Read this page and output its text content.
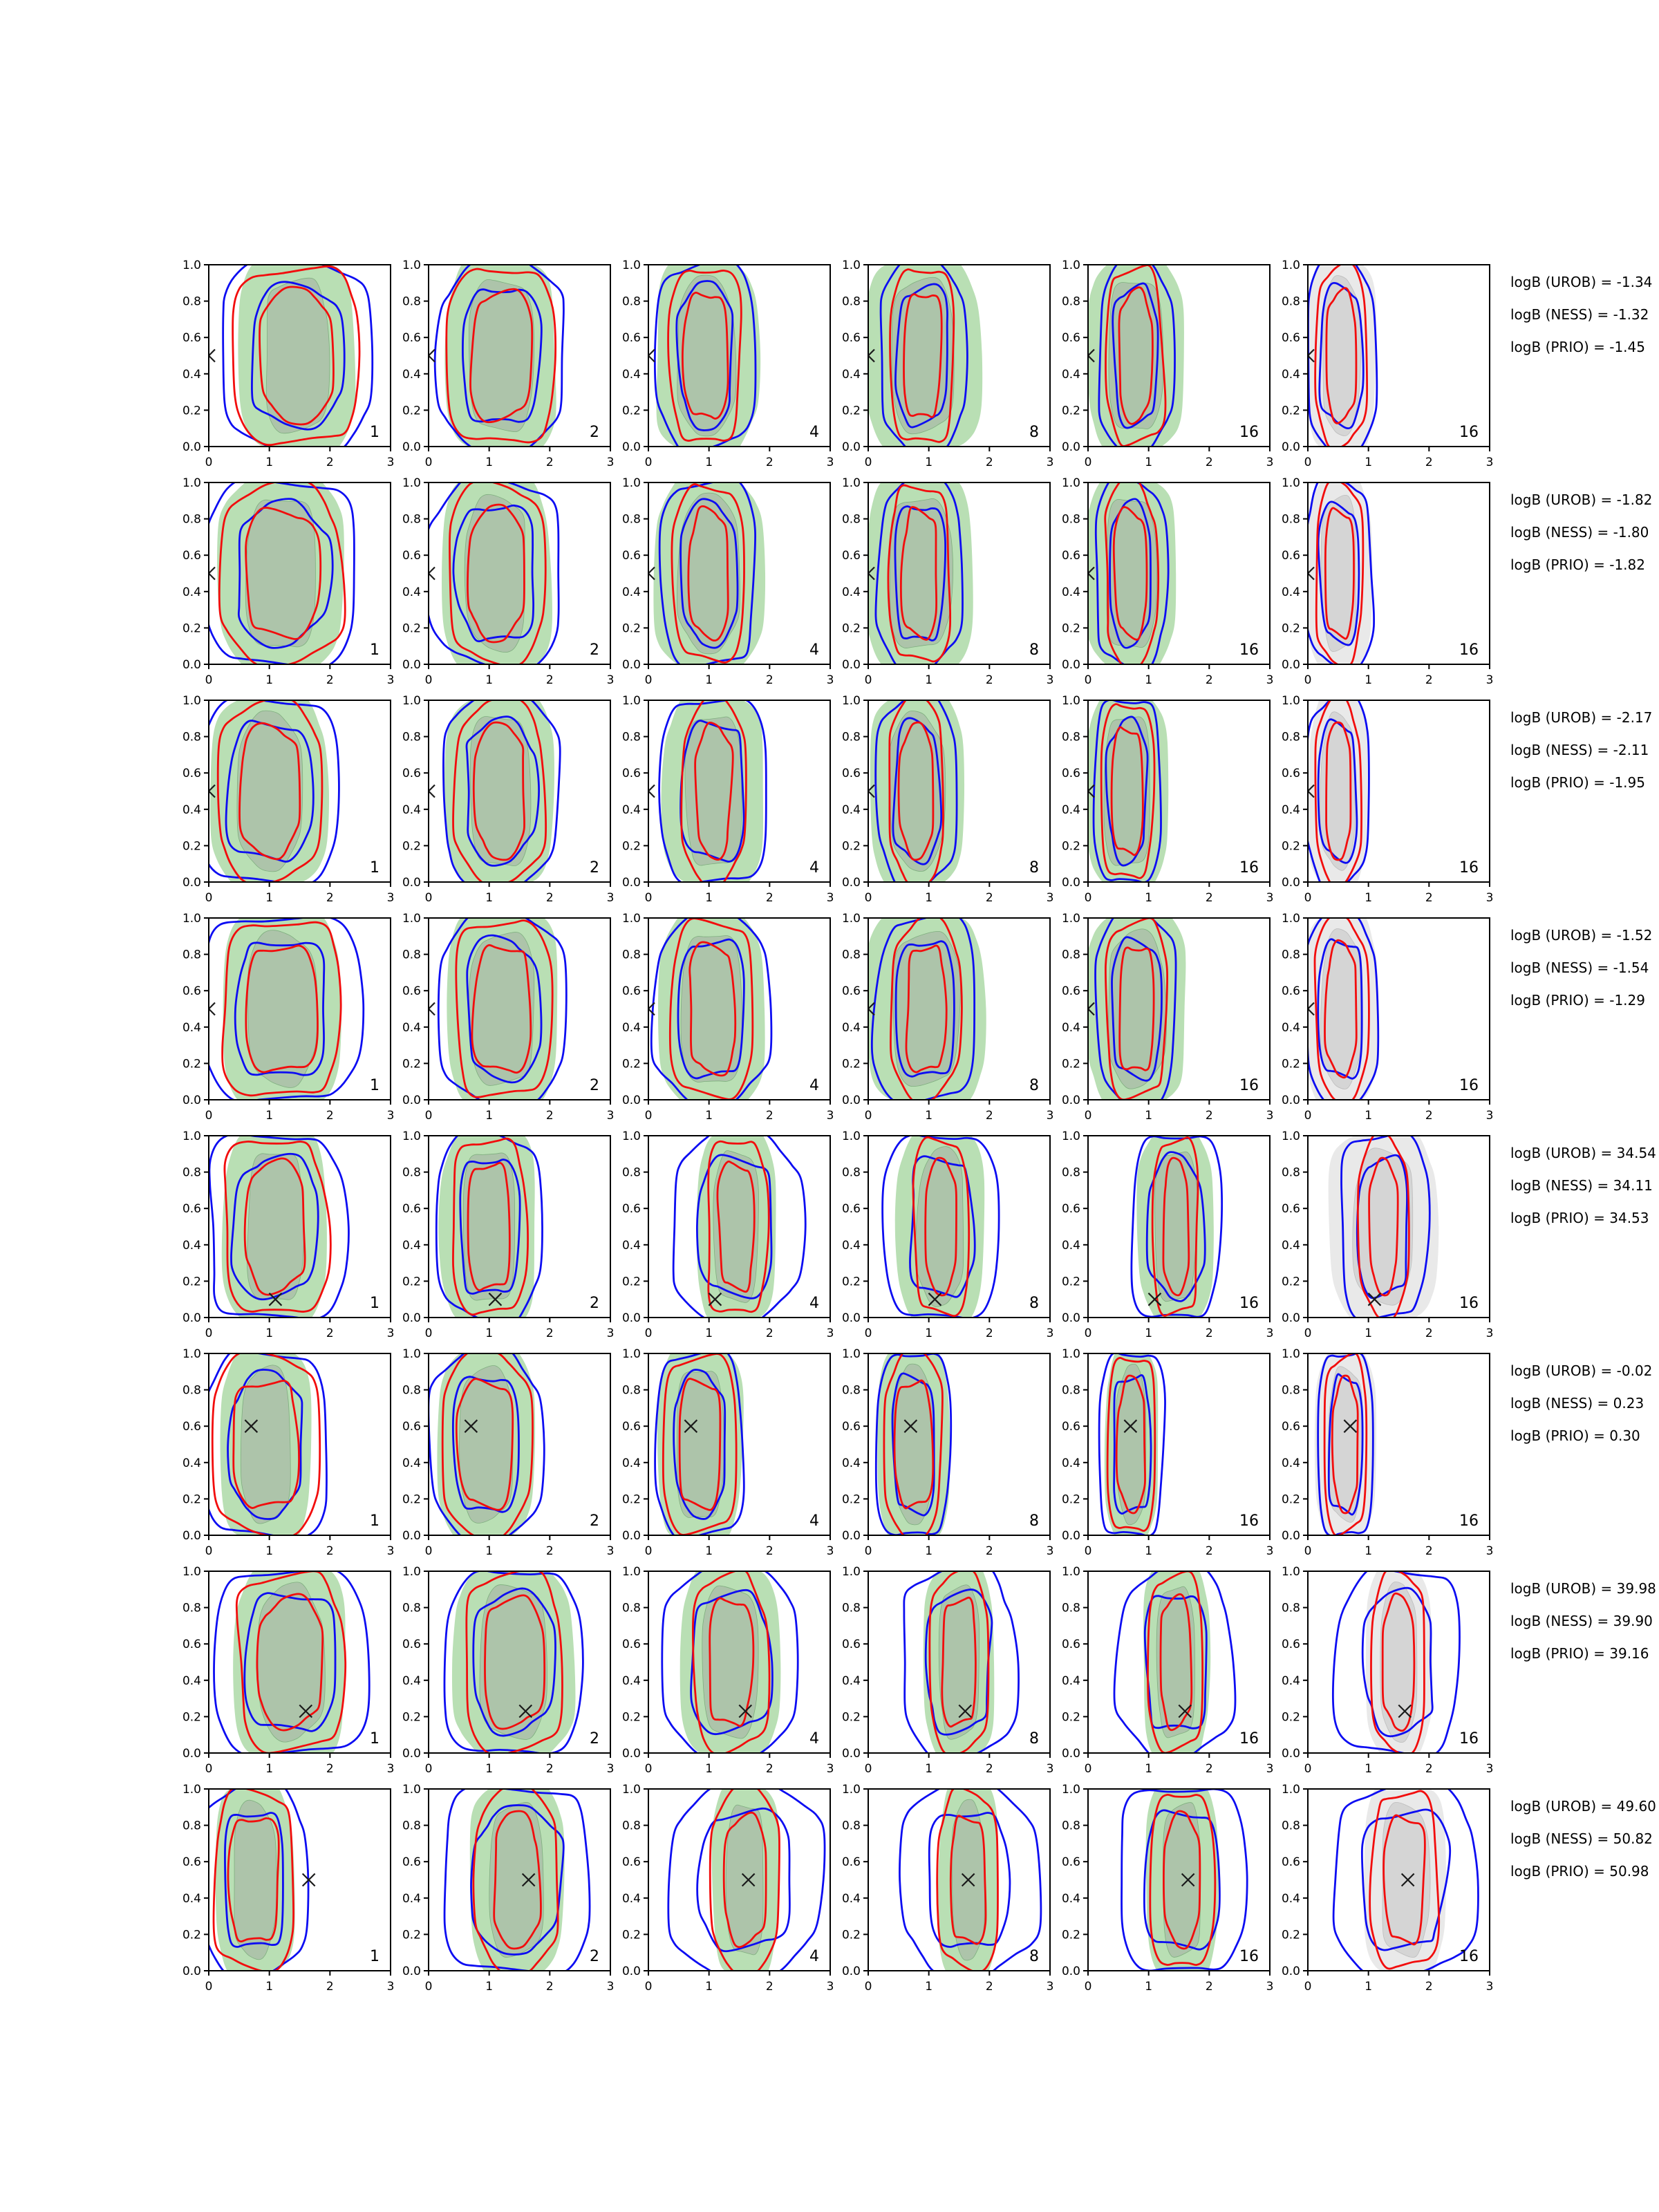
1
0.0
0.2
0.4
0.6
0.8
1.0
0	1	2	3
2
0.0
0.2
0.4
0.6
0.8
1.0
0	1	2	3
4
0.0
0.2
0.4
0.6
0.8
1.0
0	1	2	3
8
0.0
0.2
0.4
0.6
0.8
1.0
0	1	2	3
16
0.0
0.2
0.4
0.6
0.8
1.0
0	1	2	3
16
0.0
0.2
0.4
0.6
0.8
1.0
0	1	2	3
1
0.0
0.2
0.4
0.6
0.8
1.0
0	1	2	3
2
0.0
0.2
0.4
0.6
0.8
1.0
0	1	2	3
4
0.0
0.2
0.4
0.6
0.8
1.0
0	1	2	3
8
0.0
0.2
0.4
0.6
0.8
1.0
0	1	2	3
16
0.0
0.2
0.4
0.6
0.8
1.0
0	1	2	3
16
0.0
0.2
0.4
0.6
0.8
1.0
0	1	2	3
1
0.0
0.2
0.4
0.6
0.8
1.0
0	1	2	3
2
0.0
0.2
0.4
0.6
0.8
1.0
0	1	2	3
4
0.0
0.2
0.4
0.6
0.8
1.0
0	1	2	3
8
0.0
0.2
0.4
0.6
0.8
1.0
0	1	2	3
16
0.0
0.2
0.4
0.6
0.8
1.0
0	1	2	3
16
0.0
0.2
0.4
0.6
0.8
1.0
0	1	2	3
1
0.0
0.2
0.4
0.6
0.8
1.0
0	1	2	3
2
0.0
0.2
0.4
0.6
0.8
1.0
0	1	2	3
4
0.0
0.2
0.4
0.6
0.8
1.0
0	1	2	3
8
0.0
0.2
0.4
0.6
0.8
1.0
0	1	2	3
16
0.0
0.2
0.4
0.6
0.8
1.0
0	1	2	3
16
0.0
0.2
0.4
0.6
0.8
1.0
0	1	2	3
1
0.0
0.2
0.4
0.6
0.8
1.0
0	1	2	3
2
0.0
0.2
0.4
0.6
0.8
1.0
0	1	2	3
4
0.0
0.2
0.4
0.6
0.8
1.0
0	1	2	3
8
0.0
0.2
0.4
0.6
0.8
1.0
0	1	2	3
16
0.0
0.2
0.4
0.6
0.8
1.0
0	1	2	3
16
0.0
0.2
0.4
0.6
0.8
1.0
0	1	2	3
1
0.0
0.2
0.4
0.6
0.8
1.0
0	1	2	3
2
0.0
0.2
0.4
0.6
0.8
1.0
0	1	2	3
4
0.0
0.2
0.4
0.6
0.8
1.0
0	1	2	3
8
0.0
0.2
0.4
0.6
0.8
1.0
0	1	2	3
16
0.0
0.2
0.4
0.6
0.8
1.0
0	1	2	3
16
0.0
0.2
0.4
0.6
0.8
1.0
0	1	2	3
1
0.0
0.2
0.4
0.6
0.8
1.0
0	1	2	3
2
0.0
0.2
0.4
0.6
0.8
1.0
0	1	2	3
4
0.0
0.2
0.4
0.6
0.8
1.0
0	1	2	3
8
0.0
0.2
0.4
0.6
0.8
1.0
0	1	2	3
16
0.0
0.2
0.4
0.6
0.8
1.0
0	1	2	3
16
0.0
0.2
0.4
0.6
0.8
1.0
0	1	2	3
1
0.0
0.2
0.4
0.6
0.8
1.0
0	1	2	3
2
0.0
0.2
0.4
0.6
0.8
1.0
0	1	2	3
4
0.0
0.2
0.4
0.6
0.8
1.0
0	1	2	3
8
0.0
0.2
0.4
0.6
0.8
1.0
0	1	2	3
16
0.0
0.2
0.4
0.6
0.8
1.0
0	1	2	3
16
0.0
0.2
0.4
0.6
0.8
1.0
0	1	2	3
logB (UROB) = -1.34
logB (NESS) = -1.32
logB (PRIO) = -1.45
logB (UROB) = -1.82
logB (NESS) = -1.80
logB (PRIO) = -1.82
logB (UROB) = -2.17
logB (NESS) = -2.11
logB (PRIO) = -1.95
logB (UROB) = -1.52
logB (NESS) = -1.54
logB (PRIO) = -1.29
logB (UROB) = 34.54
logB (NESS) = 34.11
logB (PRIO) = 34.53
logB (UROB) = -0.02
logB (NESS) = 0.23
logB (PRIO) = 0.30
logB (UROB) = 39.98
logB (NESS) = 39.90
logB (PRIO) = 39.16
logB (UROB) = 49.60
logB (NESS) = 50.82
logB (PRIO) = 50.98
